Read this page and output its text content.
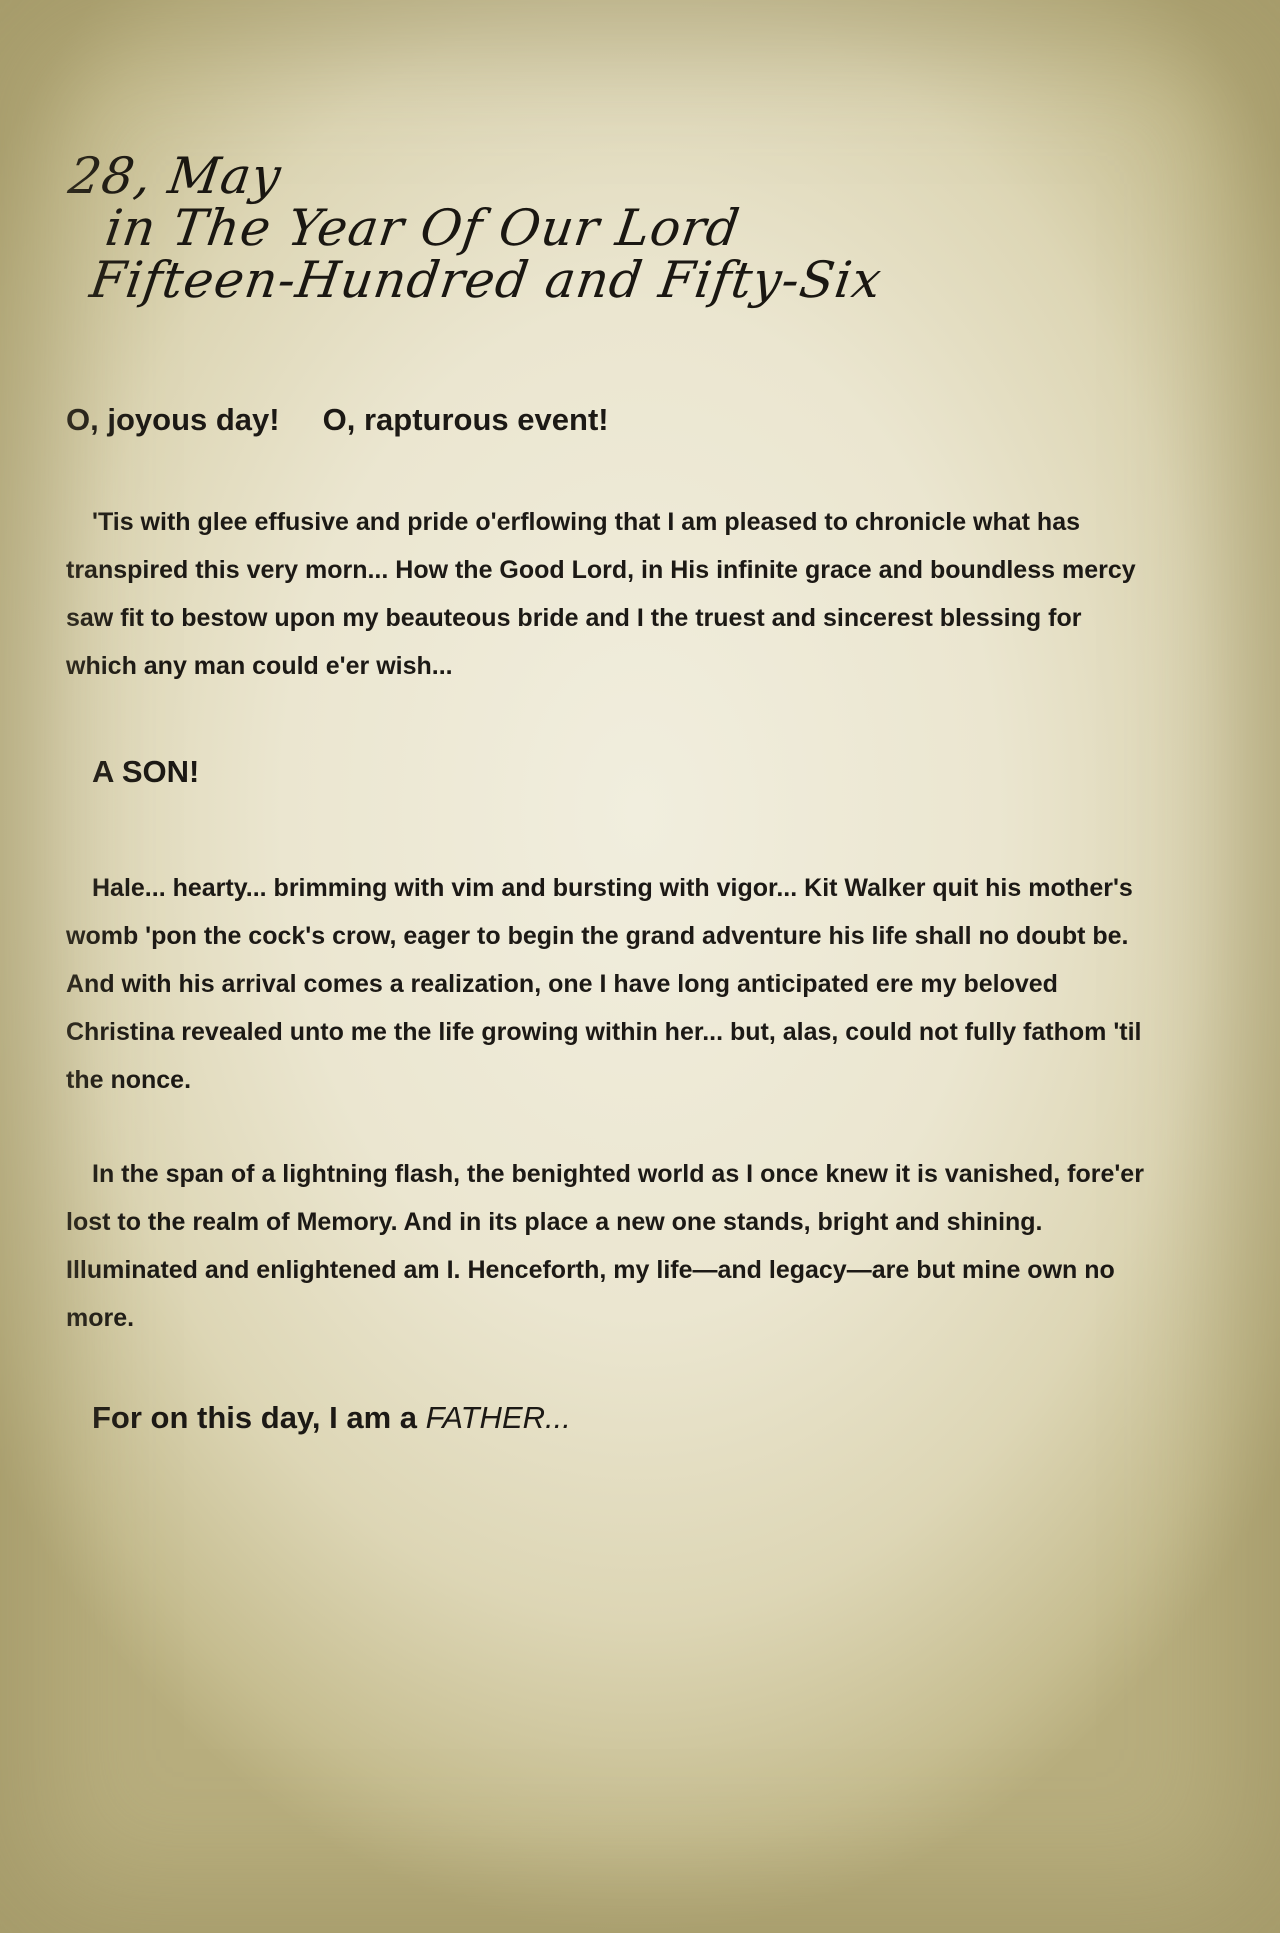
28, May
in The Year Of Our Lord
Fifteen-Hundred and Fifty-Six

O, joyous day!     O, rapturous event!

'Tis with glee effusive and pride o'erflowing that I am pleased to chronicle what has transpired this very morn... How the Good Lord, in His infinite grace and boundless mercy saw fit to bestow upon my beauteous bride and I the truest and sincerest blessing for which any man could e'er wish...

A SON!

Hale... hearty... brimming with vim and bursting with vigor... Kit Walker quit his mother's womb 'pon the cock's crow, eager to begin the grand adventure his life shall no doubt be. And with his arrival comes a realization, one I have long anticipated ere my beloved Christina revealed unto me the life growing within her... but, alas, could not fully fathom 'til the nonce.

In the span of a lightning flash, the benighted world as I once knew it is vanished, fore'er lost to the realm of Memory. And in its place a new one stands, bright and shining. Illuminated and enlightened am I. Henceforth, my life—and legacy—are but mine own no more.

For on this day, I am a FATHER...
